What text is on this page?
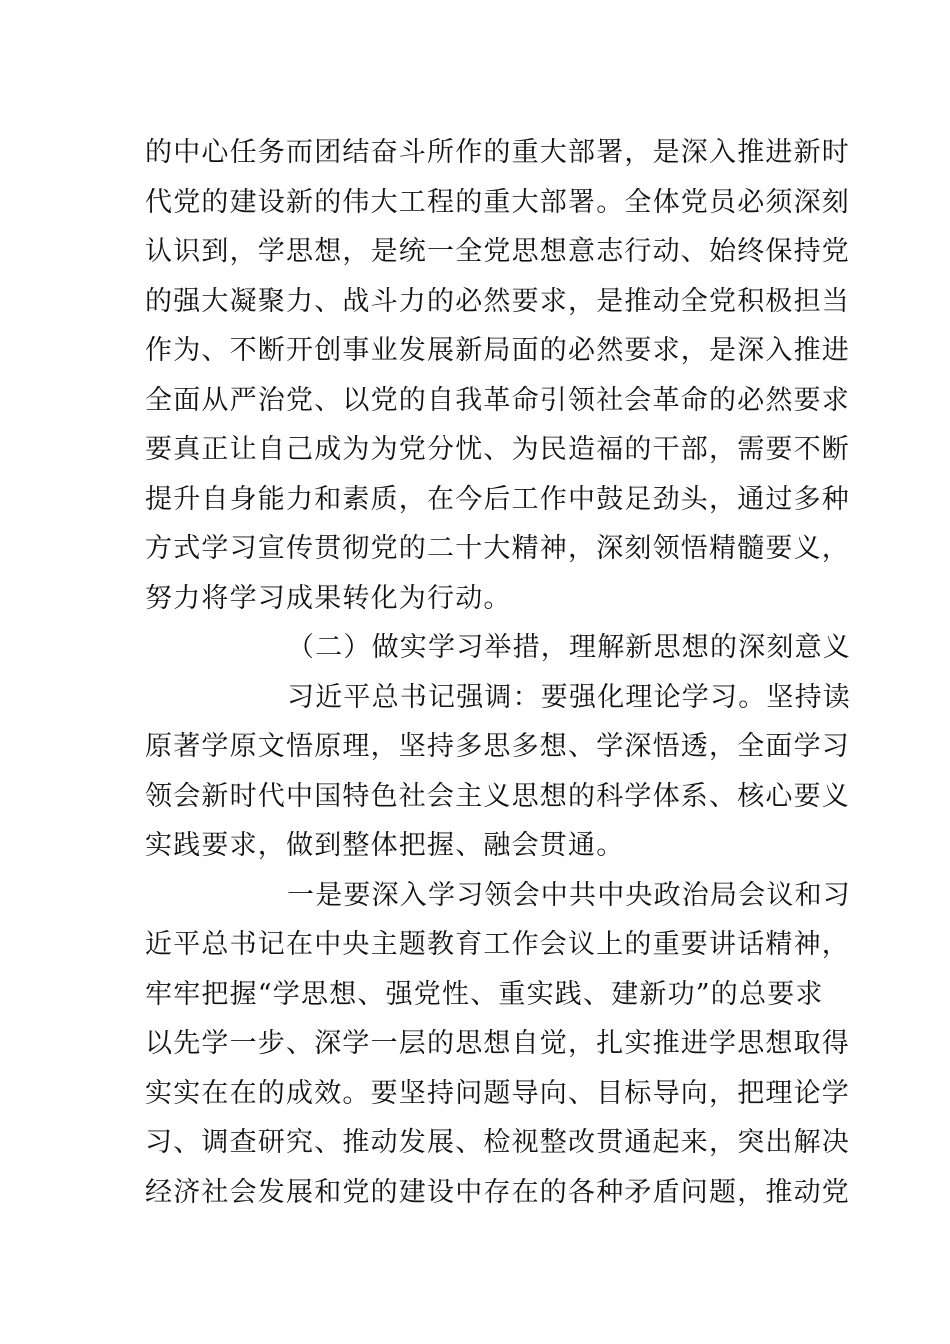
的中心任务而团结奋斗所作的重大部署，是深入推进新时
代党的建设新的伟大工程的重大部署。全体党员必须深刻
认识到，学思想，是统一全党思想意志行动、始终保持党
的强大凝聚力、战斗力的必然要求，是推动全党积极担当
作为、不断开创事业发展新局面的必然要求，是深入推进
全面从严治党、以党的自我革命引领社会革命的必然要求
要真正让自己成为为党分忧、为民造福的干部，需要不断
提升自身能力和素质，在今后工作中鼓足劲头，通过多种
方式学习宣传贯彻党的二十大精神，深刻领悟精髓要义，
努力将学习成果转化为行动。
（二）做实学习举措，理解新思想的深刻意义
习近平总书记强调：要强化理论学习。坚持读
原著学原文悟原理，坚持多思多想、学深悟透，全面学习
领会新时代中国特色社会主义思想的科学体系、核心要义
实践要求，做到整体把握、融会贯通。
一是要深入学习领会中共中央政治局会议和习
近平总书记在中央主题教育工作会议上的重要讲话精神，
牢牢把握“学思想、强党性、重实践、建新功”的总要求
以先学一步、深学一层的思想自觉，扎实推进学思想取得
实实在在的成效。要坚持问题导向、目标导向，把理论学
习、调查研究、推动发展、检视整改贯通起来，突出解决
经济社会发展和党的建设中存在的各种矛盾问题，推动党
